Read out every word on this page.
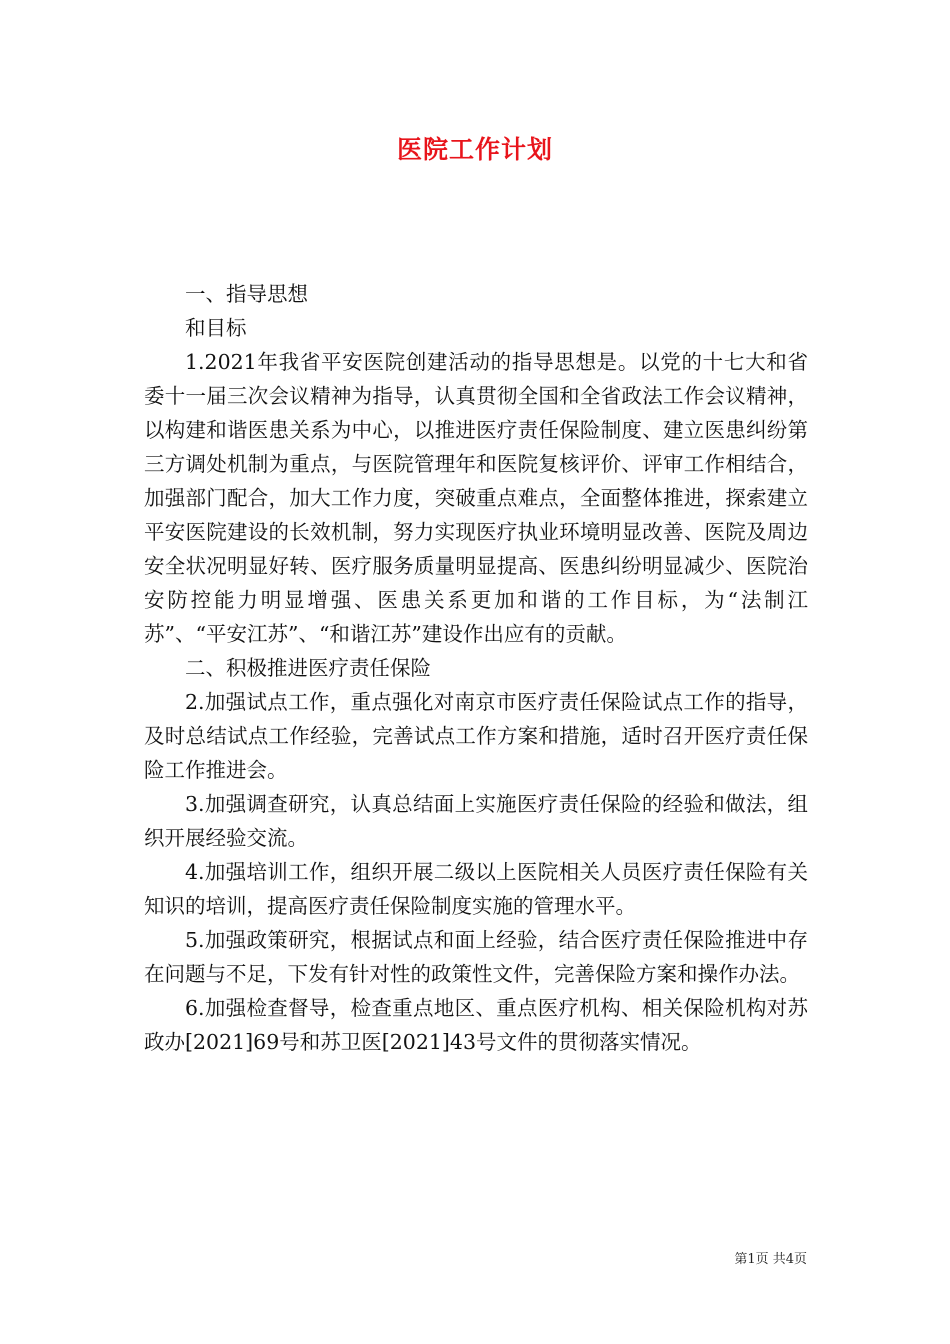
医院工作计划

一、指导思想

和目标

1.2021年我省平安医院创建活动的指导思想是。以党的十七大和省委十一届三次会议精神为指导，认真贯彻全国和全省政法工作会议精神，以构建和谐医患关系为中心，以推进医疗责任保险制度、建立医患纠纷第三方调处机制为重点，与医院管理年和医院复核评价、评审工作相结合，加强部门配合，加大工作力度，突破重点难点，全面整体推进，探索建立平安医院建设的长效机制，努力实现医疗执业环境明显改善、医院及周边安全状况明显好转、医疗服务质量明显提高、医患纠纷明显减少、医院治安防控能力明显增强、医患关系更加和谐的工作目标，为“法制江苏”、“平安江苏”、“和谐江苏”建设作出应有的贡献。

二、积极推进医疗责任保险

2.加强试点工作，重点强化对南京市医疗责任保险试点工作的指导，及时总结试点工作经验，完善试点工作方案和措施，适时召开医疗责任保险工作推进会。

3.加强调查研究，认真总结面上实施医疗责任保险的经验和做法，组织开展经验交流。

4.加强培训工作，组织开展二级以上医院相关人员医疗责任保险有关知识的培训，提高医疗责任保险制度实施的管理水平。

5.加强政策研究，根据试点和面上经验，结合医疗责任保险推进中存在问题与不足，下发有针对性的政策性文件，完善保险方案和操作办法。

6.加强检查督导，检查重点地区、重点医疗机构、相关保险机构对苏政办[2021]69号和苏卫医[2021]43号文件的贯彻落实情况。

第1页 共4页
